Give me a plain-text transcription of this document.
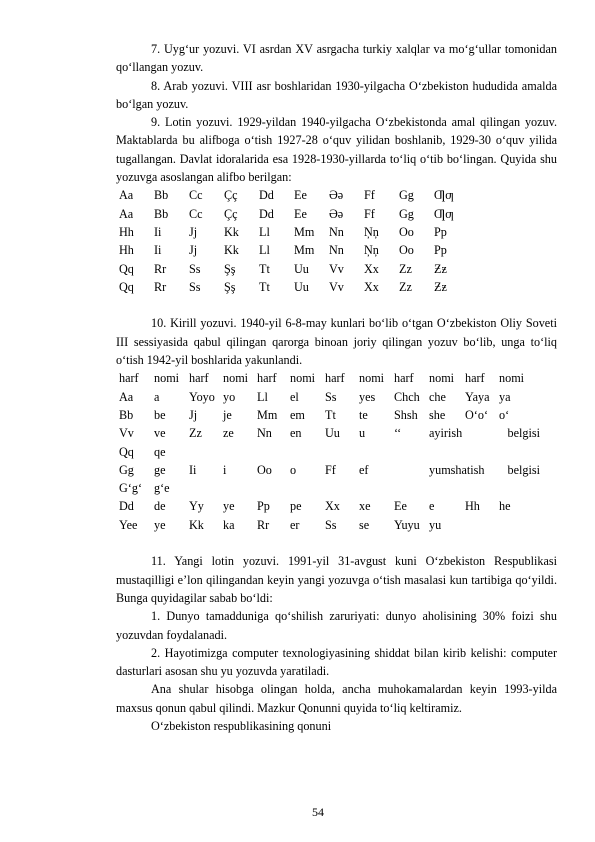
7. Uyg‘ur yozuvi. VI asrdan XV asrgacha turkiy xalqlar va mo‘g‘ullar tomonidan qo‘llangan yozuv.

8. Arab yozuvi. VIII asr boshlaridan 1930-yilgacha O‘zbekiston hududida amalda bo‘lgan yozuv.

9. Lotin yozuvi. 1929-yildan 1940-yilgacha O‘zbekistonda amal qilingan yozuv. Maktablarda bu alifboga o‘tish 1927-28 o‘quv yilidan boshlanib, 1929-30 o‘quv yilida tugallangan. Davlat idoralarida esa 1928-1930-yillarda to‘liq o‘tib bo‘lingan. Quyida shu yozuvga asoslangan alifbo berilgan:

Aa	Bb	Cc	Çç	Dd	Ee	Əə	Ff	Gg	Ƣƣ
Aa	Bb	Cc	Çç	Dd	Ee	Əə	Ff	Gg	Ƣƣ
Hh	Ii	Jj	Kk	Ll	Mm	Nn	Ņņ	Oo	Pp
Hh	Ii	Jj	Kk	Ll	Mm	Nn	Ņņ	Oo	Pp
Qq	Rr	Ss	Şş	Tt	Uu	Vv	Xx	Zz	Ƶƶ
Qq	Rr	Ss	Şş	Tt	Uu	Vv	Xx	Zz	Ƶƶ

10. Kirill yozuvi. 1940-yil 6-8-may kunlari bo‘lib o‘tgan O‘zbekiston Oliy Soveti III sessiyasida qabul qilingan qarorga binoan joriy qilingan yozuv bo‘lib, unga to‘liq o‘tish 1942-yil boshlarida yakunlandi.

harf	nomi	harf	nomi	harf	nomi	harf	nomi	harf	nomi	harf	nomi
Aa	a	Yoyo	yo	Ll	el	Ss	yes	Chch	che	Yaya	ya
Bb	be	Jj	je	Mm	em	Tt	te	Shsh	she	O‘o‘	o‘
Vv	ve	Zz	ze	Nn	en	Uu	u	‘‘	ayirish belgisi		
Qq	qe										
Gg	ge	Ii	i	Oo	o	Ff	ef		yumshatish belgisi		
G‘g‘	g‘e										
Dd	de	Yy	ye	Pp	pe	Xx	xe	Ee	e	Hh	he
Yee	ye	Kk	ka	Rr	er	Ss	se	Yuyu	yu		

11. Yangi lotin yozuvi. 1991-yil 31-avgust kuni O‘zbekiston Respublikasi mustaqilligi e’lon qilingandan keyin yangi yozuvga o‘tish masalasi kun tartibiga qo‘yildi. Bunga quyidagilar sabab bo‘ldi:

1. Dunyo tamadduniga qo‘shilish zaruriyati: dunyo aholisining 30% foizi shu yozuvdan foydalanadi.

2. Hayotimizga computer texnologiyasining shiddat bilan kirib kelishi: computer dasturlari asosan shu yu yozuvda yaratiladi.

Ana shular hisobga olingan holda, ancha muhokamalardan keyin 1993-yilda maxsus qonun qabul qilindi. Mazkur Qonunni quyida to‘liq keltiramiz.

O‘zbekiston respublikasining qonuni

54
